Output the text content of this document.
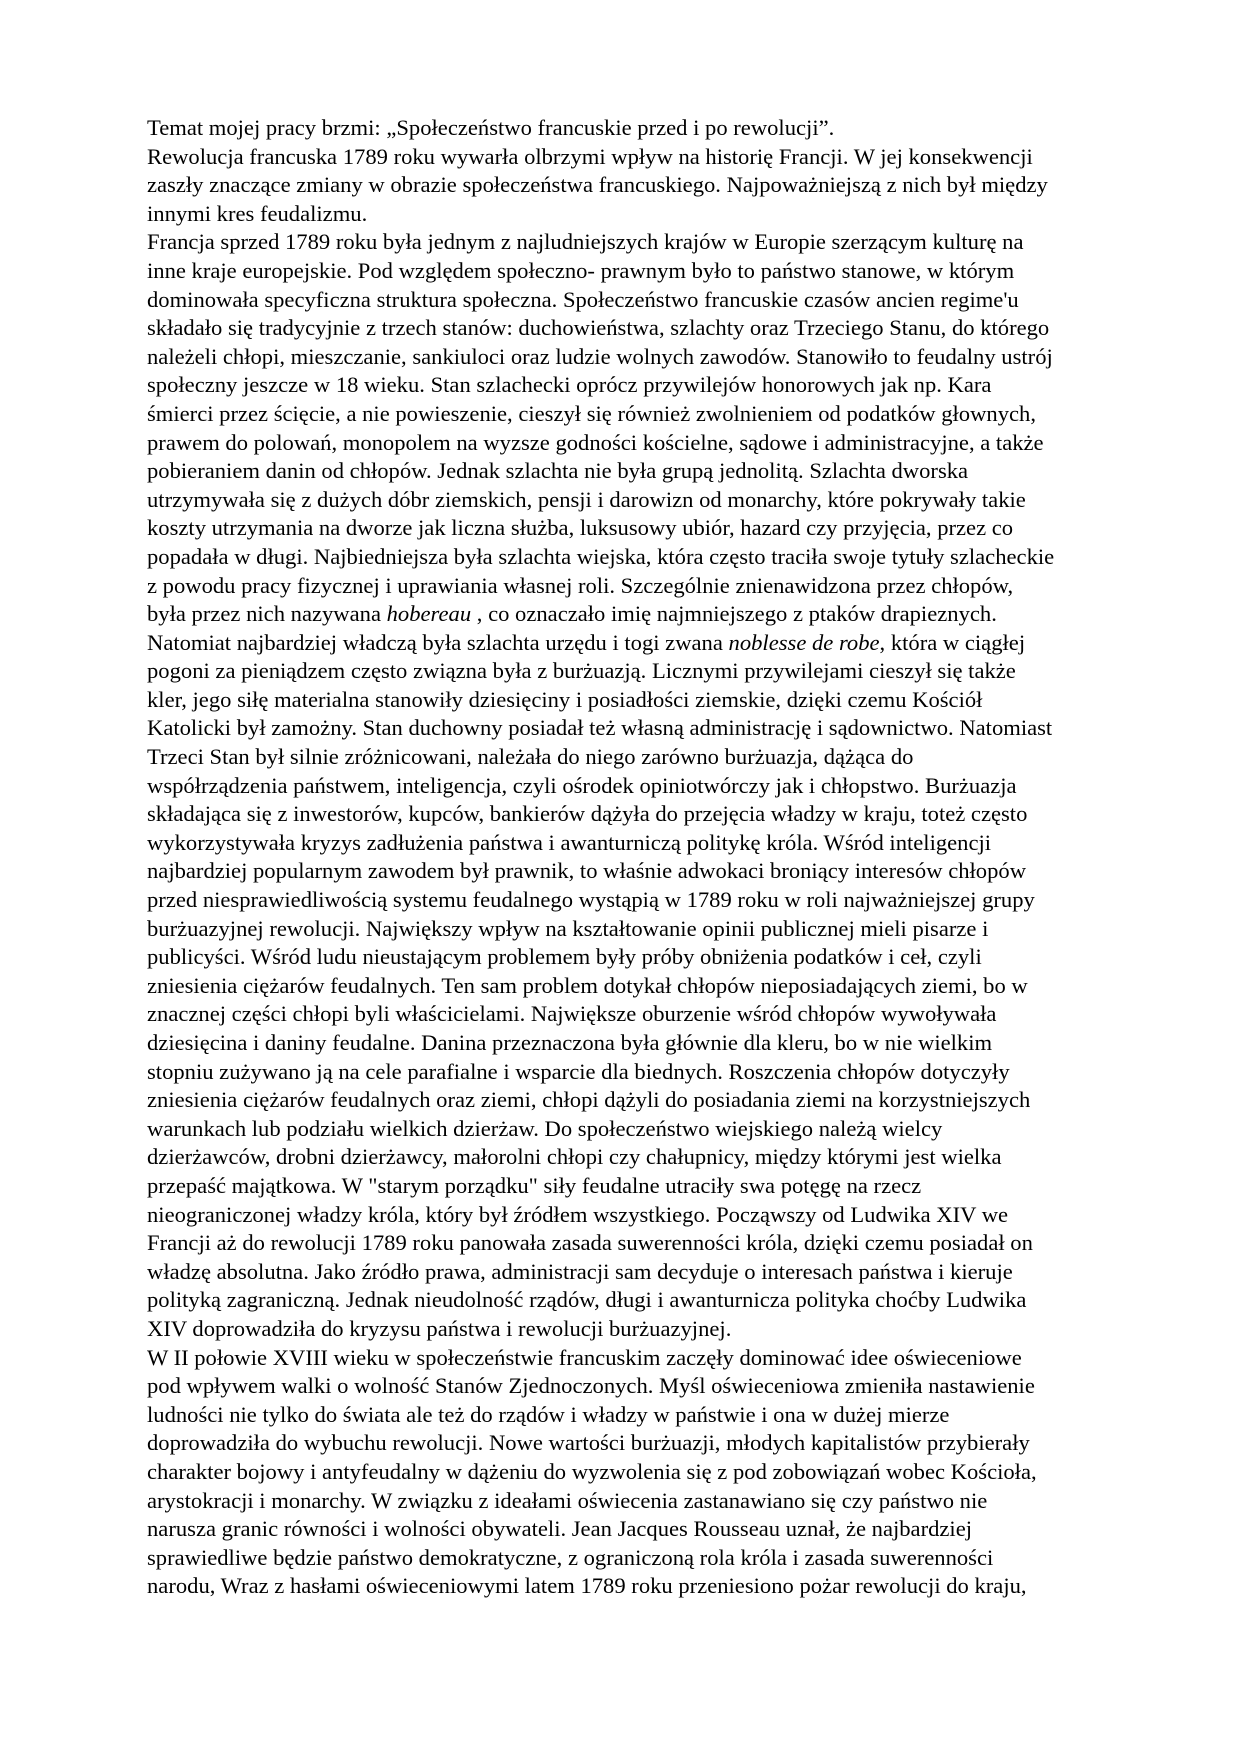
Temat mojej pracy brzmi: „Społeczeństwo francuskie przed i po rewolucji”.
Rewolucja francuska 1789 roku wywarła olbrzymi wpływ na historię Francji. W jej konsekwencji
zaszły znaczące zmiany w obrazie społeczeństwa francuskiego. Najpoważniejszą z nich był między
innymi kres feudalizmu.
Francja sprzed 1789 roku była jednym z najludniejszych krajów w Europie szerzącym kulturę na
inne kraje europejskie. Pod względem społeczno- prawnym było to państwo stanowe, w którym
dominowała specyficzna struktura społeczna. Społeczeństwo francuskie czasów ancien regime'u
składało się tradycyjnie z trzech stanów: duchowieństwa, szlachty oraz Trzeciego Stanu, do którego
należeli chłopi, mieszczanie, sankiuloci oraz ludzie wolnych zawodów. Stanowiło to feudalny ustrój
społeczny jeszcze w 18 wieku. Stan szlachecki oprócz przywilejów honorowych jak np. Kara
śmierci przez ścięcie, a nie powieszenie, cieszył się również zwolnieniem od podatków głownych,
prawem do polowań, monopolem na wyzsze godności kościelne, sądowe i administracyjne, a także
pobieraniem danin od chłopów. Jednak szlachta nie była grupą jednolitą. Szlachta dworska
utrzymywała się z dużych dóbr ziemskich, pensji i darowizn od monarchy, które pokrywały takie
koszty utrzymania na dworze jak liczna służba, luksusowy ubiór, hazard czy przyjęcia, przez co
popadała w długi. Najbiedniejsza była szlachta wiejska, która często traciła swoje tytuły szlacheckie
z powodu pracy fizycznej i uprawiania własnej roli. Szczególnie znienawidzona przez chłopów,
była przez nich nazywana hobereau , co oznaczało imię najmniejszego z ptaków drapieznych.
Natomiat najbardziej władczą była szlachta urzędu i togi zwana noblesse de robe, która w ciągłej
pogoni za pieniądzem często związna była z burżuazją. Licznymi przywilejami cieszył się także
kler, jego siłę materialna stanowiły dziesięciny i posiadłości ziemskie, dzięki czemu Kościół
Katolicki był zamożny. Stan duchowny posiadał też własną administrację i sądownictwo. Natomiast
Trzeci Stan był silnie zróżnicowani, należała do niego zarówno burżuazja, dążąca do
współrządzenia państwem, inteligencja, czyli ośrodek opiniotwórczy jak i chłopstwo. Burżuazja
składająca się z inwestorów, kupców, bankierów dążyła do przejęcia władzy w kraju, toteż często
wykorzystywała kryzys zadłużenia państwa i awanturniczą politykę króla. Wśród inteligencji
najbardziej popularnym zawodem był prawnik, to właśnie adwokaci broniący interesów chłopów
przed niesprawiedliwością systemu feudalnego wystąpią w 1789 roku w roli najważniejszej grupy
burżuazyjnej rewolucji. Największy wpływ na kształtowanie opinii publicznej mieli pisarze i
publicyści. Wśród ludu nieustającym problemem były próby obniżenia podatków i ceł, czyli
zniesienia ciężarów feudalnych. Ten sam problem dotykał chłopów nieposiadających ziemi, bo w
znacznej części chłopi byli właścicielami. Największe oburzenie wśród chłopów wywoływała
dziesięcina i daniny feudalne. Danina przeznaczona była głównie dla kleru, bo w nie wielkim
stopniu zużywano ją na cele parafialne i wsparcie dla biednych. Roszczenia chłopów dotyczyły
zniesienia ciężarów feudalnych oraz ziemi, chłopi dążyli do posiadania ziemi na korzystniejszych
warunkach lub podziału wielkich dzierżaw. Do społeczeństwo wiejskiego należą wielcy
dzierżawców, drobni dzierżawcy, małorolni chłopi czy chałupnicy, między którymi jest wielka
przepaść majątkowa. W "starym porządku" siły feudalne utraciły swa potęgę na rzecz
nieograniczonej władzy króla, który był źródłem wszystkiego. Począwszy od Ludwika XIV we
Francji aż do rewolucji 1789 roku panowała zasada suwerenności króla, dzięki czemu posiadał on
władzę absolutna. Jako źródło prawa, administracji sam decyduje o interesach państwa i kieruje
polityką zagraniczną. Jednak nieudolność rządów, długi i awanturnicza polityka choćby Ludwika
XIV doprowadziła do kryzysu państwa i rewolucji burżuazyjnej.
W II połowie XVIII wieku w społeczeństwie francuskim zaczęły dominować idee oświeceniowe
pod wpływem walki o wolność Stanów Zjednoczonych. Myśl oświeceniowa zmieniła nastawienie
ludności nie tylko do świata ale też do rządów i władzy w państwie i ona w dużej mierze
doprowadziła do wybuchu rewolucji. Nowe wartości burżuazji, młodych kapitalistów przybierały
charakter bojowy i antyfeudalny w dążeniu do wyzwolenia się z pod zobowiązań wobec Kościoła,
arystokracji i monarchy. W związku z ideałami oświecenia zastanawiano się czy państwo nie
narusza granic równości i wolności obywateli. Jean Jacques Rousseau uznał, że najbardziej
sprawiedliwe będzie państwo demokratyczne, z ograniczoną rola króla i zasada suwerenności
narodu, Wraz z hasłami oświeceniowymi latem 1789 roku przeniesiono pożar rewolucji do kraju,
